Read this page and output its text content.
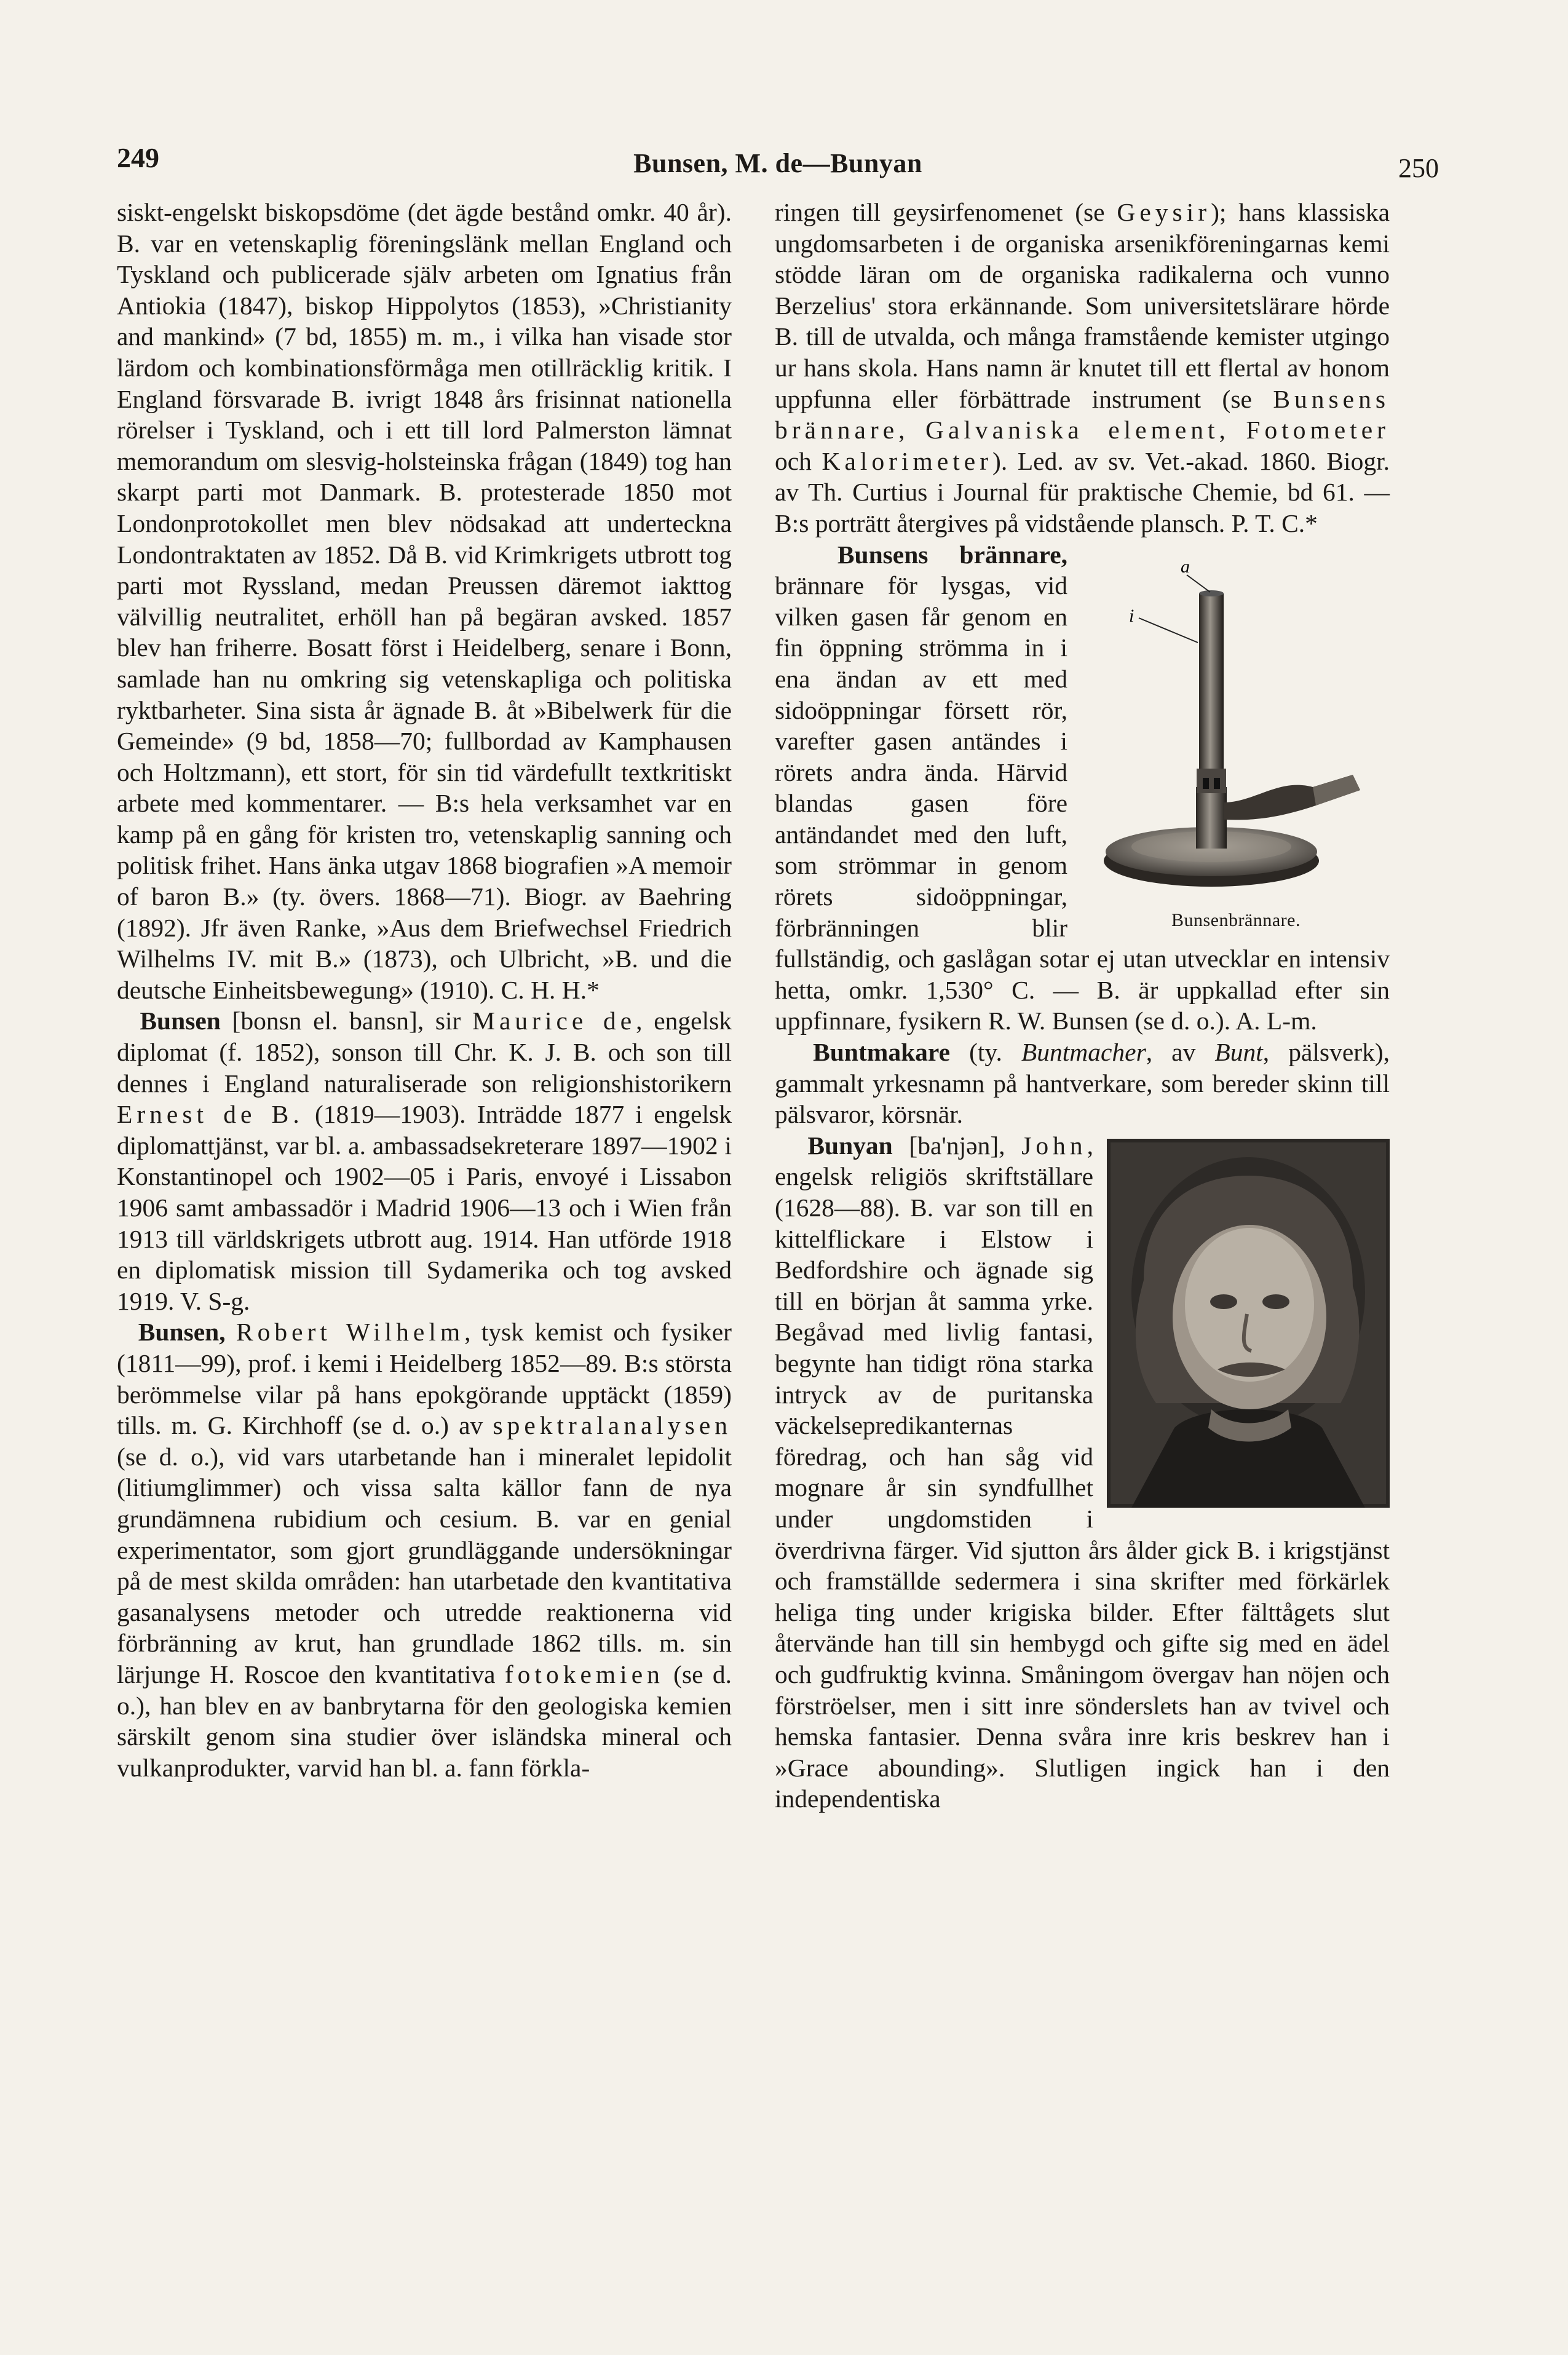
249	Bunsen, M. de—Bunyan	250

siskt-engelskt biskopsdöme (det ägde bestånd omkr. 40 år). B. var en vetenskaplig föreningslänk mellan England och Tyskland och publicerade själv arbeten om Ignatius från Antiokia (1847), biskop Hippolytos (1853), »Christianity and mankind» (7 bd, 1855) m. m., i vilka han visade stor lärdom och kombinationsförmåga men otillräcklig kritik. I England försvarade B. ivrigt 1848 års frisinnat nationella rörelser i Tyskland, och i ett till lord Palmerston lämnat memorandum om slesvig-holsteinska frågan (1849) tog han skarpt parti mot Danmark. B. protesterade 1850 mot Londonprotokollet men blev nödsakad att underteckna Londontraktaten av 1852. Då B. vid Krimkrigets utbrott tog parti mot Ryssland, medan Preussen däremot iakttog välvillig neutralitet, erhöll han på begäran avsked. 1857 blev han friherre. Bosatt först i Heidelberg, senare i Bonn, samlade han nu omkring sig vetenskapliga och politiska ryktbarheter. Sina sista år ägnade B. åt »Bibelwerk für die Gemeinde» (9 bd, 1858—70; fullbordad av Kamphausen och Holtzmann), ett stort, för sin tid värdefullt textkritiskt arbete med kommentarer. — B:s hela verksamhet var en kamp på en gång för kristen tro, vetenskaplig sanning och politisk frihet. Hans änka utgav 1868 biografien »A memoir of baron B.» (ty. övers. 1868—71). Biogr. av Baehring (1892). Jfr även Ranke, »Aus dem Briefwechsel Friedrich Wilhelms IV. mit B.» (1873), och Ulbricht, »B. und die deutsche Einheitsbewegung» (1910). C. H. H.*

Bunsen [bonsn el. bansn], sir Maurice de, engelsk diplomat (f. 1852), sonson till Chr. K. J. B. och son till dennes i England naturaliserade son religionshistorikern Ernest de B. (1819—1903). Inträdde 1877 i engelsk diplomattjänst, var bl. a. ambassadsekreterare 1897—1902 i Konstantinopel och 1902—05 i Paris, envoyé i Lissabon 1906 samt ambassadör i Madrid 1906—13 och i Wien från 1913 till världskrigets utbrott aug. 1914. Han utförde 1918 en diplomatisk mission till Sydamerika och tog avsked 1919. V. S-g.

Bunsen, Robert Wilhelm, tysk kemist och fysiker (1811—99), prof. i kemi i Heidelberg 1852—89. B:s största berömmelse vilar på hans epokgörande upptäckt (1859) tills. m. G. Kirchhoff (se d. o.) av spektralanalysen (se d. o.), vid vars utarbetande han i mineralet lepidolit (litiumglimmer) och vissa salta källor fann de nya grundämnena rubidium och cesium. B. var en genial experimentator, som gjort grundläggande undersökningar på de mest skilda områden: han utarbetade den kvantitativa gasanalysens metoder och utredde reaktionerna vid förbränning av krut, han grundlade 1862 tills. m. sin lärjunge H. Roscoe den kvantitativa fotokemien (se d. o.), han blev en av banbrytarna för den geologiska kemien särskilt genom sina studier över isländska mineral och vulkanprodukter, varvid han bl. a. fann förkla-

ringen till geysirfenomenet (se Geysir); hans klassiska ungdomsarbeten i de organiska arsenikföreningarnas kemi stödde läran om de organiska radikalerna och vunno Berzelius' stora erkännande. Som universitetslärare hörde B. till de utvalda, och många framstående kemister utgingo ur hans skola. Hans namn är knutet till ett flertal av honom uppfunna eller förbättrade instrument (se Bunsens brännare, Galvaniska element, Fotometer och Kalorimeter). Led. av sv. Vet.-akad. 1860. Biogr. av Th. Curtius i Journal für praktische Chemie, bd 61. — B:s porträtt återgives på vidstående plansch. P. T. C.*

Bunsens brännare,	a
i
Bunsenbrännare.
brännare för lysgas, vid vilken gasen får genom en fin öppning strömma in i ena ändan av ett med sidoöppningar försett rör, varefter gasen antändes i rörets andra ända. Härvid blandas gasen före antändandet med den luft, som strömmar in genom rörets sidoöppningar, förbränningen blir fullständig, och gaslågan sotar ej utan utvecklar en intensiv hetta, omkr. 1,530° C. — B. är uppkallad efter sin uppfinnare, fysikern R. W. Bunsen (se d. o.). A. L-m.

Buntmakare (ty. Buntmacher, av Bunt, pälsverk), gammalt yrkesnamn på hantverkare, som bereder skinn till pälsvaror, körsnär.

Bunyan [ba'njən], John
, engelsk religiös skriftställare (1628—88). B. var son till en kittelflickare i Elstow i Bedfordshire och ägnade sig till en början åt samma yrke. Begåvad med livlig fantasi, begynte han tidigt röna starka intryck av de puritanska väckelsepredikanternas föredrag, och han såg vid mognare år sin syndfullhet under ungdomstiden i överdrivna färger. Vid sjutton års ålder gick B. i krigstjänst och framställde sedermera i sina skrifter med förkärlek heliga ting under krigiska bilder. Efter fälttågets slut återvände han till sin hembygd och gifte sig med en ädel och gudfruktig kvinna. Småningom övergav han nöjen och förströelser, men i sitt inre sönderslets han av tvivel och hemska fantasier. Denna svåra inre kris beskrev han i »Grace abounding». Slutligen ingick han i den independentiska
